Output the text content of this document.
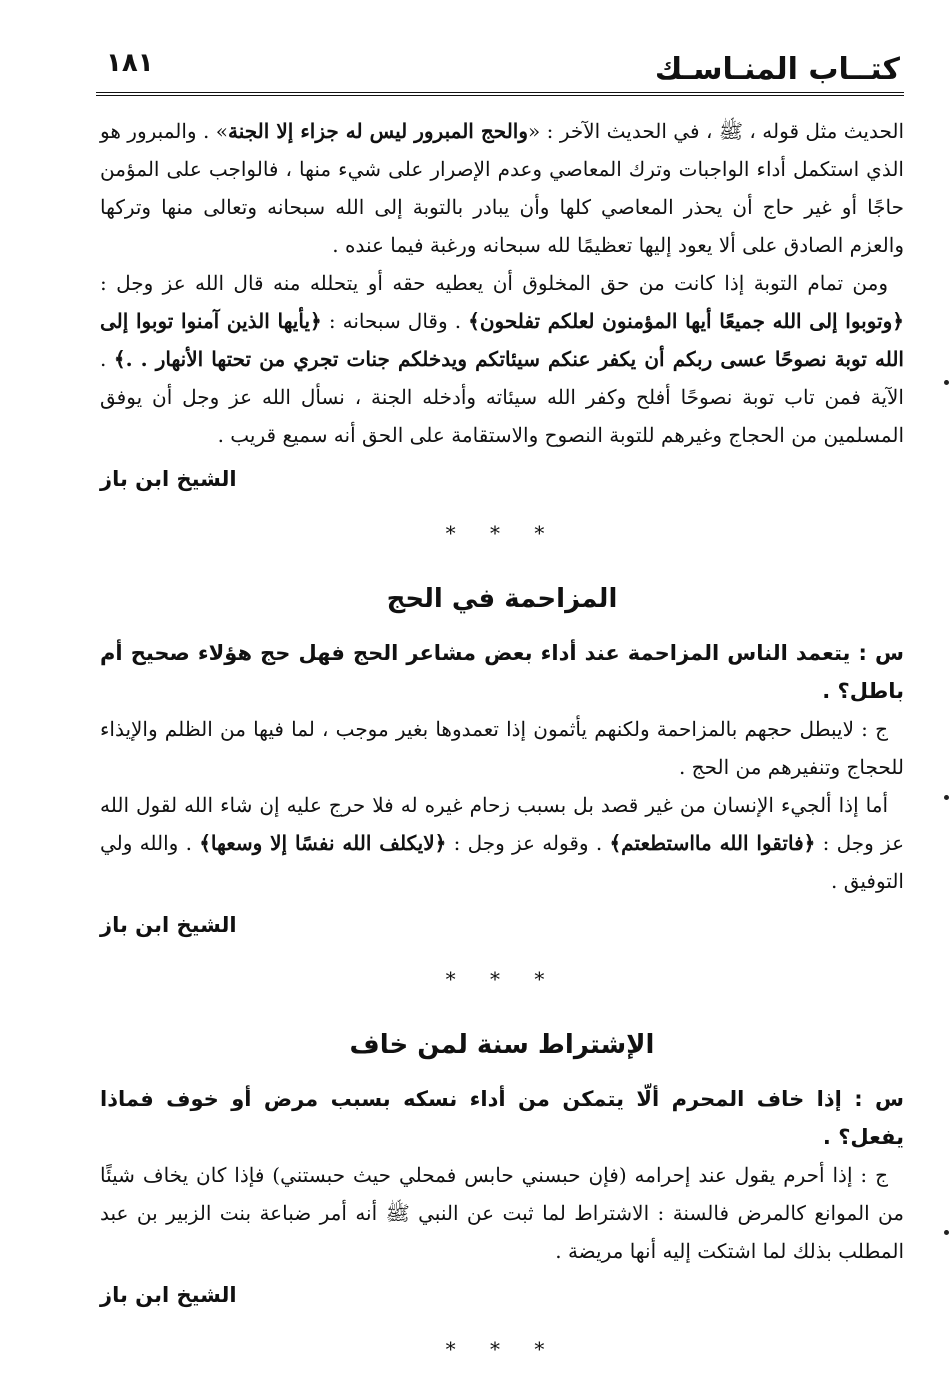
كتــاب المنـاسـك
١٨١

الحديث مثل قوله ، ﷺ ، في الحديث الآخر : «والحج المبرور ليس له جزاء إلا الجنة» . والمبرور هو الذي استكمل أداء الواجبات وترك المعاصي وعدم الإصرار على شيء منها ، فالواجب على المؤمن حاجًا أو غير حاج أن يحذر المعاصي كلها وأن يبادر بالتوبة إلى الله سبحانه وتعالى منها وتركها والعزم الصادق على ألا يعود إليها تعظيمًا لله سبحانه ورغبة فيما عنده .

ومن تمام التوبة إذا كانت من حق المخلوق أن يعطيه حقه أو يتحلله منه قال الله عز وجل : ﴿وتوبوا إلى الله جميعًا أيها المؤمنون لعلكم تفلحون﴾ . وقال سبحانه : ﴿يأيها الذين آمنوا توبوا إلى الله توبة نصوحًا عسى ربكم أن يكفر عنكم سيئاتكم ويدخلكم جنات تجري من تحتها الأنهار . .﴾ . الآية فمن تاب توبة نصوحًا أفلح وكفر الله سيئاته وأدخله الجنة ، نسأل الله عز وجل أن يوفق المسلمين من الحجاج وغيرهم للتوبة النصوح والاستقامة على الحق أنه سميع قريب .

الشيخ ابن باز

* * *
المزاحمة في الحج

س : يتعمد الناس المزاحمة عند أداء بعض مشاعر الحج فهل حج هؤلاء صحيح أم باطل؟ .

ج : لايبطل حجهم بالمزاحمة ولكنهم يأثمون إذا تعمدوها بغير موجب ، لما فيها من الظلم والإيذاء للحجاج وتنفيرهم من الحج .

أما إذا ألجيء الإنسان من غير قصد بل بسبب زحام غيره له فلا حرج عليه إن شاء الله لقول الله عز وجل : ﴿فاتقوا الله مااستطعتم﴾ . وقوله عز وجل : ﴿لايكلف الله نفسًا إلا وسعها﴾ . والله ولي التوفيق .

الشيخ ابن باز

* * *
الإشتراط سنة لمن خاف

س : إذا خاف المحرم ألّا يتمكن من أداء نسكه بسبب مرض أو خوف فماذا يفعل؟ .

ج : إذا أحرم يقول عند إحرامه (فإن حبسني حابس فمحلي حيث حبستني) فإذا كان يخاف شيئًا من الموانع كالمرض فالسنة : الاشتراط لما ثبت عن النبي ﷺ أنه أمر ضباعة بنت الزبير بن عبد المطلب بذلك لما اشتكت إليه أنها مريضة .

الشيخ ابن باز

* * *
